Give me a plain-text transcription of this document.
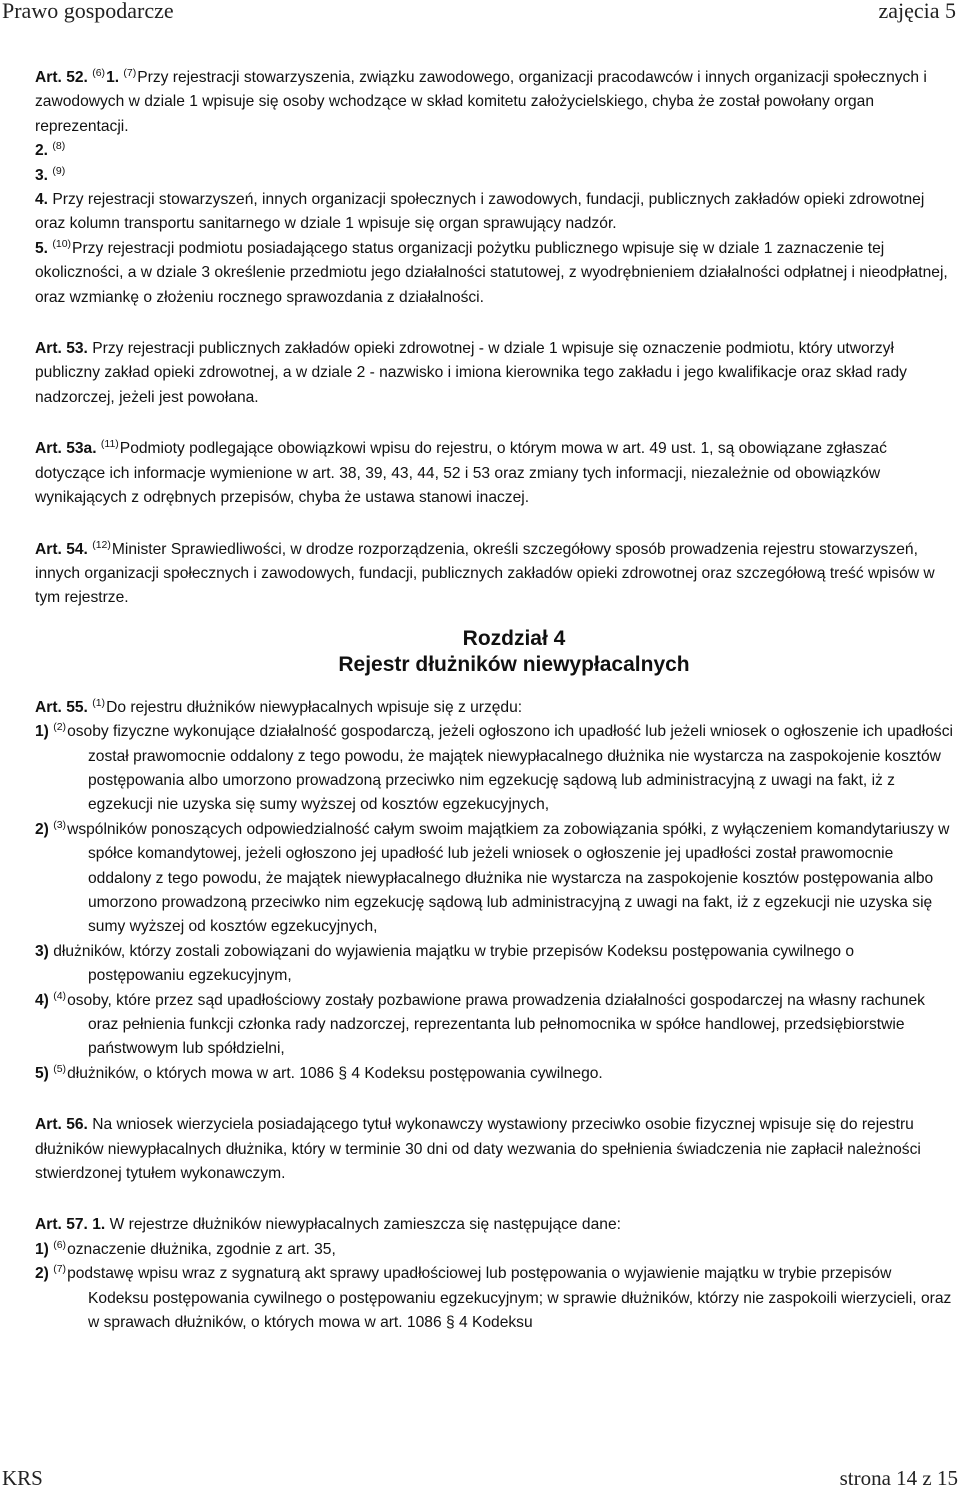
Prawo gospodarcze	zajęcia 5

Art. 52. $^{(6)}$1. $^{(7)}$Przy rejestracji stowarzyszenia, związku zawodowego, organizacji pracodawców i innych organizacji społecznych i zawodowych w dziale 1 wpisuje się osoby wchodzące w skład komitetu założycielskiego, chyba że został powołany organ reprezentacji.

2. $^{(8)}$

3. $^{(9)}$

4. Przy rejestracji stowarzyszeń, innych organizacji społecznych i zawodowych, fundacji, publicznych zakładów opieki zdrowotnej oraz kolumn transportu sanitarnego w dziale 1 wpisuje się organ sprawujący nadzór.

5. $^{(10)}$Przy rejestracji podmiotu posiadającego status organizacji pożytku publicznego wpisuje się w dziale 1 zaznaczenie tej okoliczności, a w dziale 3 określenie przedmiotu jego działalności statutowej, z wyodrębnieniem działalności odpłatnej i nieodpłatnej, oraz wzmiankę o złożeniu rocznego sprawozdania z działalności.

Art. 53. Przy rejestracji publicznych zakładów opieki zdrowotnej - w dziale 1 wpisuje się oznaczenie podmiotu, który utworzył publiczny zakład opieki zdrowotnej, a w dziale 2 - nazwisko i imiona kierownika tego zakładu i jego kwalifikacje oraz skład rady nadzorczej, jeżeli jest powołana.

Art. 53a. $^{(11)}$Podmioty podlegające obowiązkowi wpisu do rejestru, o którym mowa w art. 49 ust. 1, są obowiązane zgłaszać dotyczące ich informacje wymienione w art. 38, 39, 43, 44, 52 i 53 oraz zmiany tych informacji, niezależnie od obowiązków wynikających z odrębnych przepisów, chyba że ustawa stanowi inaczej.

Art. 54. $^{(12)}$Minister Sprawiedliwości, w drodze rozporządzenia, określi szczegółowy sposób prowadzenia rejestru stowarzyszeń, innych organizacji społecznych i zawodowych, fundacji, publicznych zakładów opieki zdrowotnej oraz szczegółową treść wpisów w tym rejestrze.

Rozdział 4
Rejestr dłużników niewypłacalnych

Art. 55. $^{(1)}$Do rejestru dłużników niewypłacalnych wpisuje się z urzędu:

1) $^{(2)}$osoby fizyczne wykonujące działalność gospodarczą, jeżeli ogłoszono ich upadłość lub jeżeli wniosek o ogłoszenie ich upadłości został prawomocnie oddalony z tego powodu, że majątek niewypłacalnego dłużnika nie wystarcza na zaspokojenie kosztów postępowania albo umorzono prowadzoną przeciwko nim egzekucję sądową lub administracyjną z uwagi na fakt, iż z egzekucji nie uzyska się sumy wyższej od kosztów egzekucyjnych,

2) $^{(3)}$wspólników ponoszących odpowiedzialność całym swoim majątkiem za zobowiązania spółki, z wyłączeniem komandytariuszy w spółce komandytowej, jeżeli ogłoszono jej upadłość lub jeżeli wniosek o ogłoszenie jej upadłości został prawomocnie oddalony z tego powodu, że majątek niewypłacalnego dłużnika nie wystarcza na zaspokojenie kosztów postępowania albo umorzono prowadzoną przeciwko nim egzekucję sądową lub administracyjną z uwagi na fakt, iż z egzekucji nie uzyska się sumy wyższej od kosztów egzekucyjnych,

3) dłużników, którzy zostali zobowiązani do wyjawienia majątku w trybie przepisów Kodeksu postępowania cywilnego o postępowaniu egzekucyjnym,

4) $^{(4)}$osoby, które przez sąd upadłościowy zostały pozbawione prawa prowadzenia działalności gospodarczej na własny rachunek oraz pełnienia funkcji członka rady nadzorczej, reprezentanta lub pełnomocnika w spółce handlowej, przedsiębiorstwie państwowym lub spółdzielni,

5) $^{(5)}$dłużników, o których mowa w art. 1086 § 4 Kodeksu postępowania cywilnego.

Art. 56. Na wniosek wierzyciela posiadającego tytuł wykonawczy wystawiony przeciwko osobie fizycznej wpisuje się do rejestru dłużników niewypłacalnych dłużnika, który w terminie 30 dni od daty wezwania do spełnienia świadczenia nie zapłacił należności stwierdzonej tytułem wykonawczym.

Art. 57. 1. W rejestrze dłużników niewypłacalnych zamieszcza się następujące dane:

1) $^{(6)}$oznaczenie dłużnika, zgodnie z art. 35,

2) $^{(7)}$podstawę wpisu wraz z sygnaturą akt sprawy upadłościowej lub postępowania o wyjawienie majątku w trybie przepisów Kodeksu postępowania cywilnego o postępowaniu egzekucyjnym; w sprawie dłużników, którzy nie zaspokoili wierzycieli, oraz w sprawach dłużników, o których mowa w art. 1086 § 4 Kodeksu

KRS	strona 14 z 15
